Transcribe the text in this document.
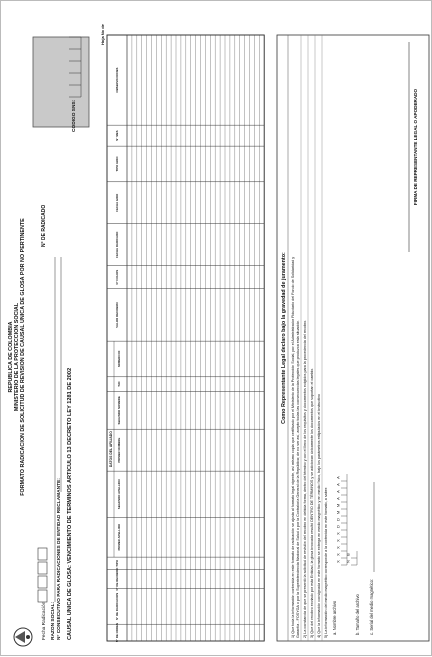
REPUBLICA DE COLOMBIA MINISTERIO DE LA PROTECCION SOCIAL FORMATO RADICACION DE SOLICITUD DE REVISION DE CAUSAL UNICA DE GLOSA POR NO PERTINENTE
Fecha Radicación
N° DE RADICADO
CODIGO SNS:
RAZON SOCIAL: N° CONSECUTIVO PARA RADICACIONES DE ENTIDAD RECLAMANTE: CAUSAL UNICA DE GLOSA: VENCIMIENTO DE TERMINOS ARTICULO 13 DECRETO LEY 1281 DE 2002
Hoja No de
DATOS DEL AFILIADO
N° DE ORDEN
N° DE RADICACION
N° DE RECIBIDO
TIPO
PRIMER APELLIDO
SEGUNDO APELLIDO
PRIMER NOMBRE
SEGUNDO NOMBRE
T.ID
NUMERO ID
VALOR RECOBRO
N° FOLIOS
FECHA RADICADO
FECHA GIRO
TIPO GIRO
N° MES
OBSERVACIONES
Como Representante Legal declaro bajo la gravedad de juramento: 1) Que toda la información contenida en este formato de radicación se ajusta al formato legal vigente, así mismo copia que certificado por el Ministerio de la Protección Social, por el Administrador Fiduciario del Fondo de Solidaridad y Garantía - FOSYGA o por la Superintendencia Nacional de Salud o por la Contraloría General de la República; de no ser así, acepto todas las consecuencias legales que produzca esta situación. 2) La constancia de que se presentó la solicitud de revisión del recobro en debida forma, dentro del término y con el lleno de los requisitos y documentos exigidos para la procedencia del recobro. 3) Que del recobro enviado por esta Entidad, la glosa invocada resultó DENTRO DE TÉRMINOS y se adicionan únicamente los documentos que soportan el cambio. 4) Que la información consignada en este formato se entrega en medio magnético y en medio físico, bajo los parámetros estipulados en el instructivo 5) La información del medio magnético corresponde a la contenida en este formato, a saber: a. Nombre archivo	b. Tamaño del archivo c. Serial del medio magnético:
X
X
X
X
X
D
D
M
M
A
A
A
A
N
B
FIRMA DE REPRESENTANTE LEGAL O APODERADO
